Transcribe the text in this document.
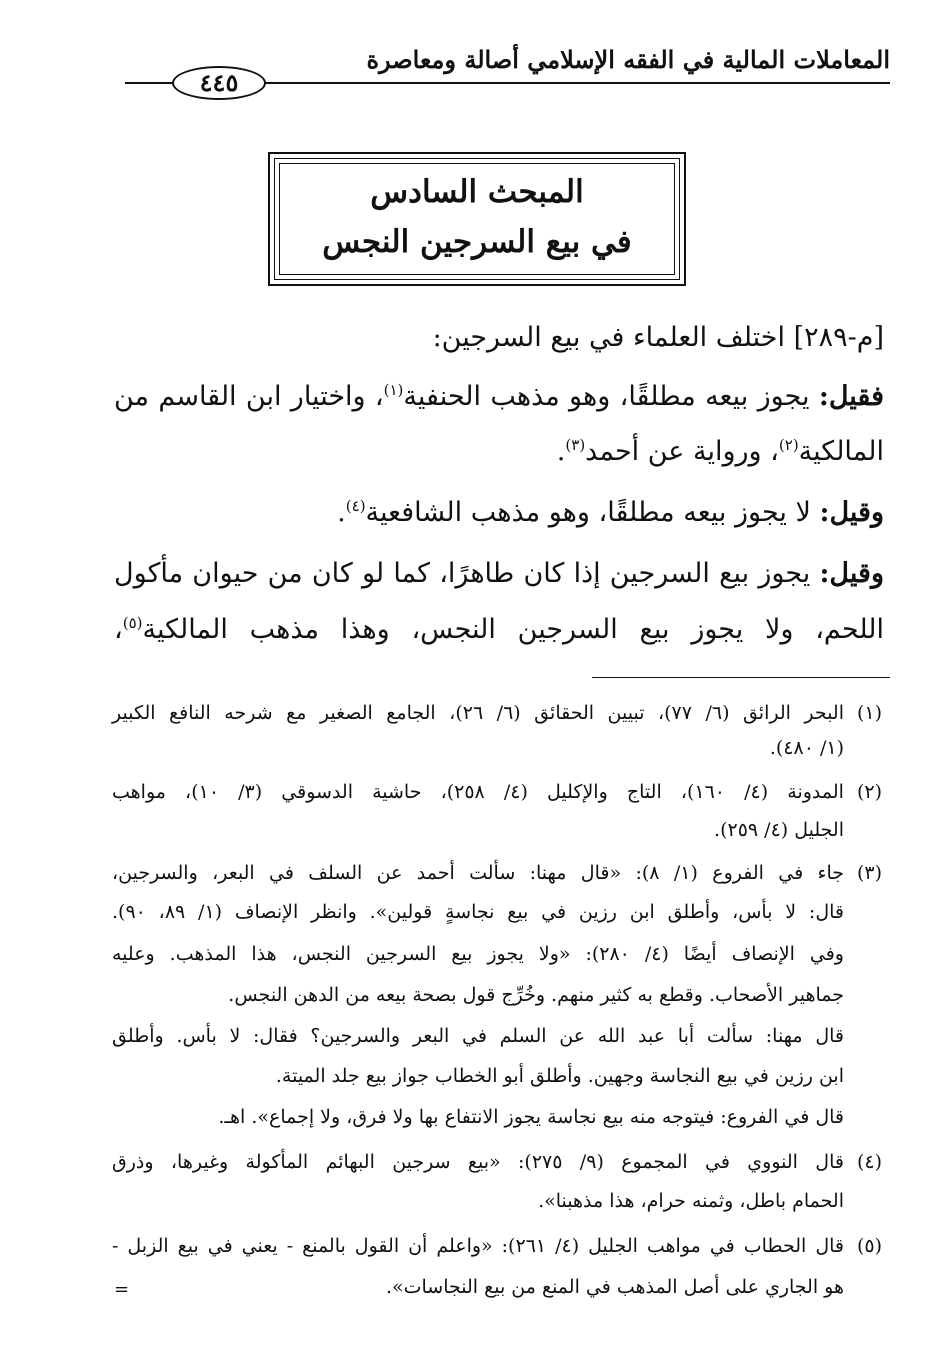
المعاملات المالية في الفقه الإسلامي أصالة ومعاصرة
٤٤٥
المبحث السادس
في بيع السرجين النجس
[م-٢٨٩] اختلف العلماء في بيع السرجين:
فقيل: يجوز بيعه مطلقًا، وهو مذهب الحنفية$^{(١)}$، واختيار ابن القاسم من
المالكية$^{(٢)}$، ورواية عن أحمد$^{(٣)}$.
وقيل: لا يجوز بيعه مطلقًا، وهو مذهب الشافعية$^{(٤)}$.
وقيل: يجوز بيع السرجين إذا كان طاهرًا، كما لو كان من حيوان مأكول
اللحم، ولا يجوز بيع السرجين النجس، وهذا مذهب المالكية$^{(٥)}$،
(١)
البحر الرائق (٦/ ٧٧)، تبيين الحقائق (٦/ ٢٦)، الجامع الصغير مع شرحه النافع الكبير
(١/ ٤٨٠).
(٢)
المدونة (٤/ ١٦٠)، التاج والإكليل (٤/ ٢٥٨)، حاشية الدسوقي (٣/ ١٠)، مواهب
الجليل (٤/ ٢٥٩).
(٣)
جاء في الفروع (١/ ٨): «قال مهنا: سألت أحمد عن السلف في البعر، والسرجين،
قال: لا بأس، وأطلق ابن رزين في بيع نجاسةٍ قولين». وانظر الإنصاف (١/ ٨٩، ٩٠).
وفي الإنصاف أيضًا (٤/ ٢٨٠): «ولا يجوز بيع السرجين النجس، هذا المذهب. وعليه
جماهير الأصحاب. وقطع به كثير منهم. وخُرِّج قول بصحة بيعه من الدهن النجس.
قال مهنا: سألت أبا عبد الله عن السلم في البعر والسرجين؟ فقال: لا بأس. وأطلق
ابن رزين في بيع النجاسة وجهين. وأطلق أبو الخطاب جواز بيع جلد الميتة.
قال في الفروع: فيتوجه منه بيع نجاسة يجوز الانتفاع بها ولا فرق، ولا إجماع». اهـ.
(٤)
قال النووي في المجموع (٩/ ٢٧٥): «بيع سرجين البهائم المأكولة وغيرها، وذرق
الحمام باطل، وثمنه حرام، هذا مذهبنا».
(٥)
قال الحطاب في مواهب الجليل (٤/ ٢٦١): «واعلم أن القول بالمنع - يعني في بيع الزبل -
هو الجاري على أصل المذهب في المنع من بيع النجاسات».
=
